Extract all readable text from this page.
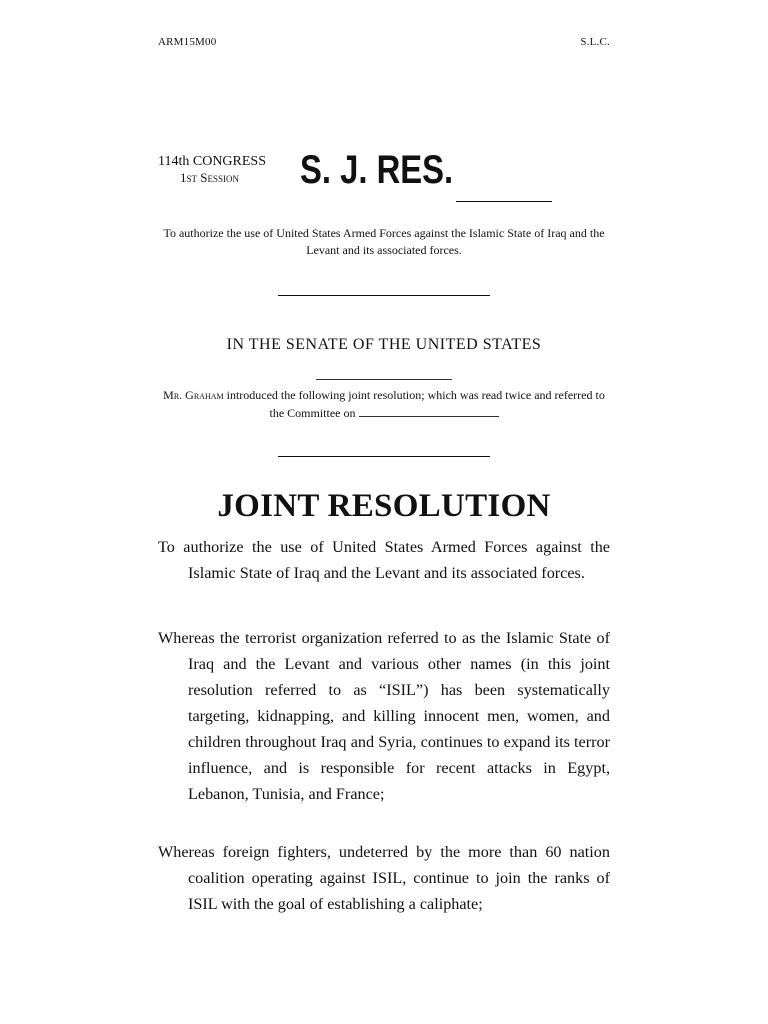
ARM15M00	S.L.C.
114th CONGRESS
1st Session	S. J. RES.
To authorize the use of United States Armed Forces against the Islamic State of Iraq and the Levant and its associated forces.
IN THE SENATE OF THE UNITED STATES
Mr. Graham introduced the following joint resolution; which was read twice and referred to the Committee on
JOINT RESOLUTION
To authorize the use of United States Armed Forces against the Islamic State of Iraq and the Levant and its associated forces.
Whereas the terrorist organization referred to as the Islamic State of Iraq and the Levant and various other names (in this joint resolution referred to as “ISIL”) has been systematically targeting, kidnapping, and killing innocent men, women, and children throughout Iraq and Syria, continues to expand its terror influence, and is responsible for recent attacks in Egypt, Lebanon, Tunisia, and France;
Whereas foreign fighters, undeterred by the more than 60 nation coalition operating against ISIL, continue to join the ranks of ISIL with the goal of establishing a caliphate;
